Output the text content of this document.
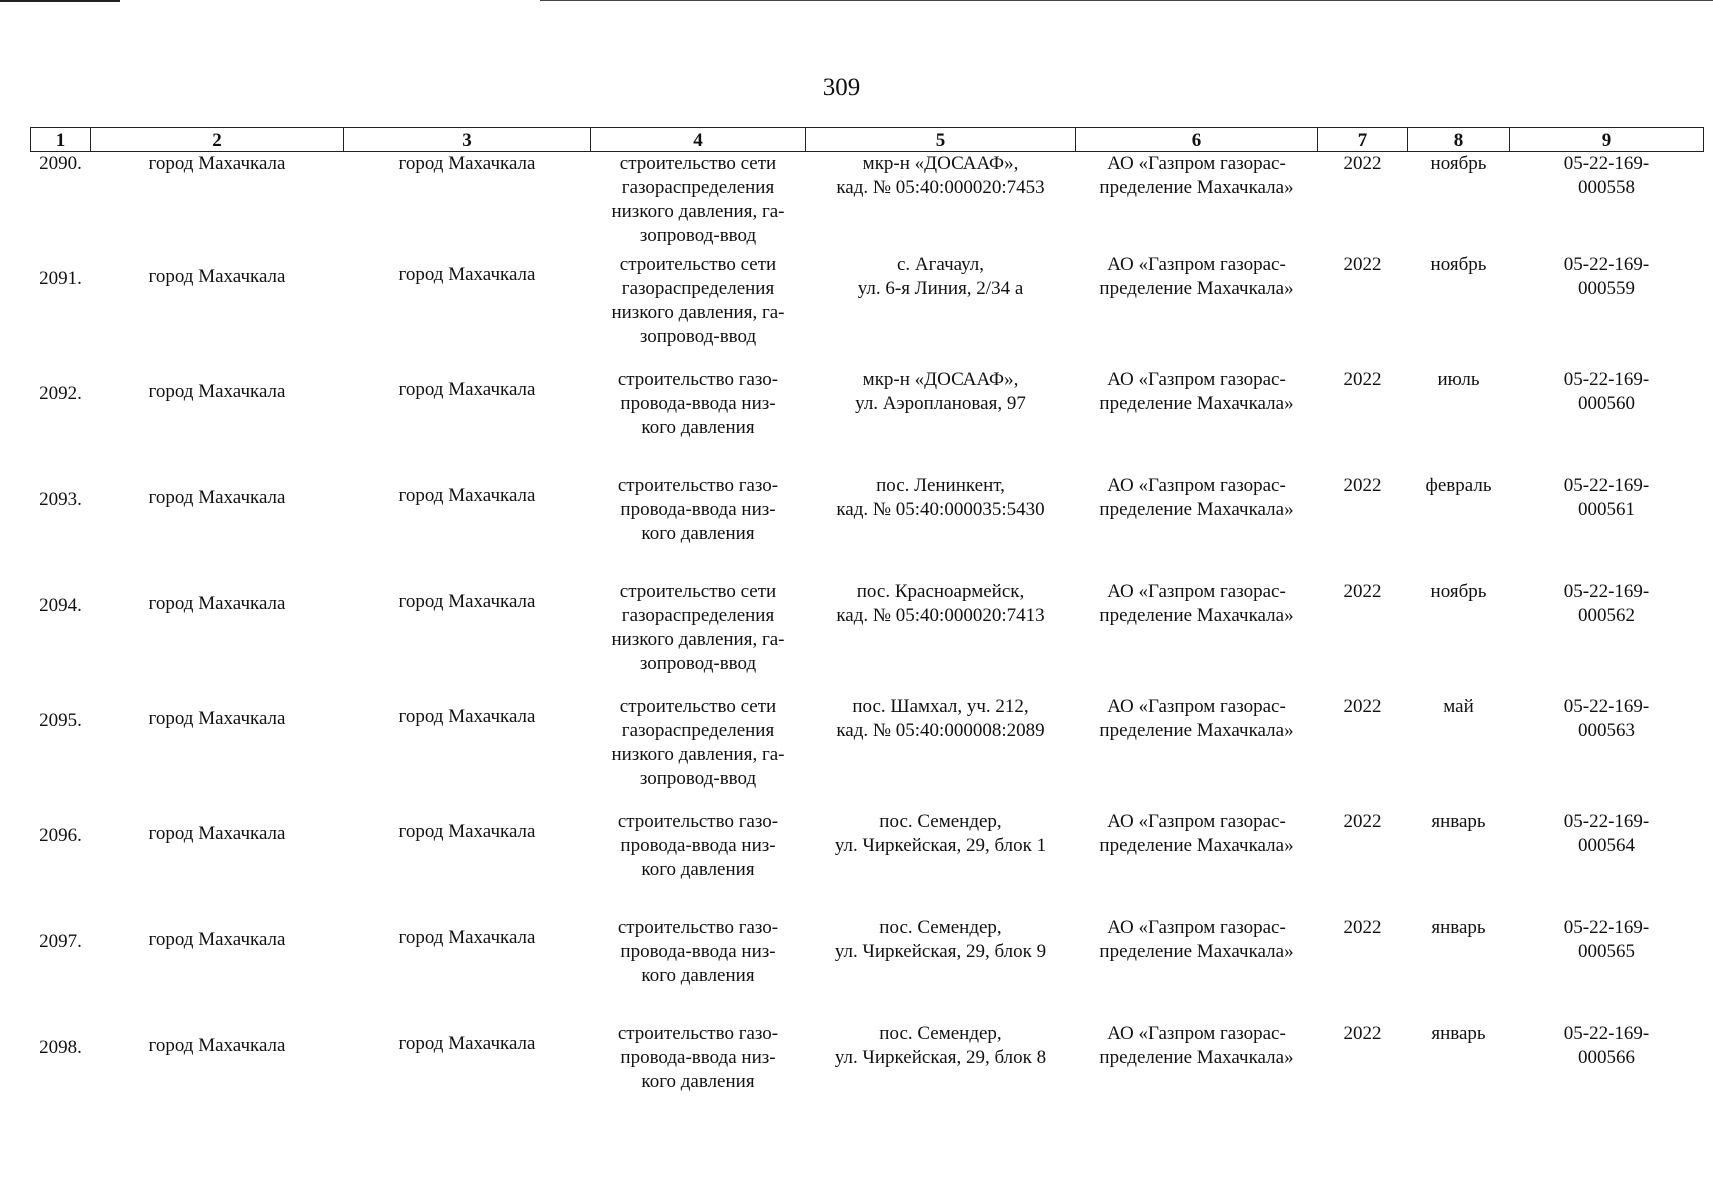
309
1	2	3	4	5	6	7	8	9
2090.	город Махачкала	город Махачкала	строительство сети
газораспределения
низкого давления, га-
зопровод-ввод	мкр-н «ДОСААФ»,
кад. № 05:40:000020:7453	АО «Газпром газорас-
пределение Махачкала»	2022	ноябрь	05-22-169-
000558

2091.	город Махачкала	город Махачкала	строительство сети
газораспределения
низкого давления, га-
зопровод-ввод	с. Агачаул,
ул. 6-я Линия, 2/34 а	АО «Газпром газорас-
пределение Махачкала»	2022	ноябрь	05-22-169-
000559

2092.	город Махачкала	город Махачкала	строительство газо-
провода-ввода низ-
кого давления	мкр-н «ДОСААФ»,
ул. Аэроплановая, 97	АО «Газпром газорас-
пределение Махачкала»	2022	июль	05-22-169-
000560

2093.	город Махачкала	город Махачкала	строительство газо-
провода-ввода низ-
кого давления	пос. Ленинкент,
кад. № 05:40:000035:5430	АО «Газпром газорас-
пределение Махачкала»	2022	февраль	05-22-169-
000561

2094.	город Махачкала	город Махачкала	строительство сети
газораспределения
низкого давления, га-
зопровод-ввод	пос. Красноармейск,
кад. № 05:40:000020:7413	АО «Газпром газорас-
пределение Махачкала»	2022	ноябрь	05-22-169-
000562

2095.	город Махачкала	город Махачкала	строительство сети
газораспределения
низкого давления, га-
зопровод-ввод	пос. Шамхал, уч. 212,
кад. № 05:40:000008:2089	АО «Газпром газорас-
пределение Махачкала»	2022	май	05-22-169-
000563

2096.	город Махачкала	город Махачкала	строительство газо-
провода-ввода низ-
кого давления	пос. Семендер,
ул. Чиркейская, 29, блок 1	АО «Газпром газорас-
пределение Махачкала»	2022	январь	05-22-169-
000564

2097.	город Махачкала	город Махачкала	строительство газо-
провода-ввода низ-
кого давления	пос. Семендер,
ул. Чиркейская, 29, блок 9	АО «Газпром газорас-
пределение Махачкала»	2022	январь	05-22-169-
000565

2098.	город Махачкала	город Махачкала	строительство газо-
провода-ввода низ-
кого давления	пос. Семендер,
ул. Чиркейская, 29, блок 8	АО «Газпром газорас-
пределение Махачкала»	2022	январь	05-22-169-
000566
